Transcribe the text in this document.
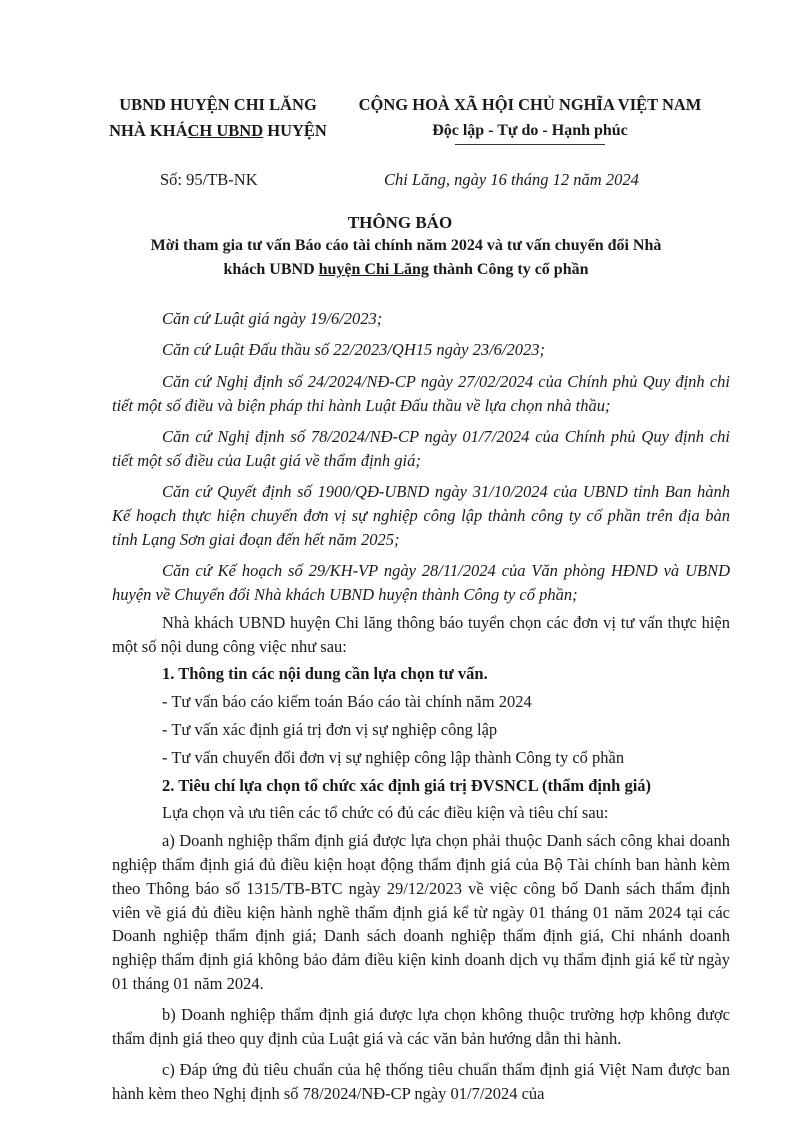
UBND HUYỆN CHI LĂNG
NHÀ KHÁCH UBND HUYỆN
CỘNG HOÀ XÃ HỘI CHỦ NGHĨA VIỆT NAM
Độc lập - Tự do - Hạnh phúc
Số: 95/TB-NK	Chi Lăng, ngày 16 tháng 12 năm 2024
THÔNG BÁO
Mời tham gia tư vấn Báo cáo tài chính năm 2024 và tư vấn chuyển đổi Nhà
khách UBND huyện Chi Lăng thành Công ty cổ phần

Căn cứ Luật giá ngày 19/6/2023;

Căn cứ Luật Đấu thầu số 22/2023/QH15 ngày 23/6/2023;

Căn cứ Nghị định số 24/2024/NĐ-CP ngày 27/02/2024 của Chính phủ Quy định chi tiết một số điều và biện pháp thi hành Luật Đấu thầu về lựa chọn nhà thầu;

Căn cứ Nghị định số 78/2024/NĐ-CP ngày 01/7/2024 của Chính phủ Quy định chi tiết một số điều của Luật giá về thẩm định giá;

Căn cứ Quyết định số 1900/QĐ-UBND ngày 31/10/2024 của UBND tỉnh Ban hành Kế hoạch thực hiện chuyển đơn vị sự nghiệp công lập thành công ty cổ phần trên địa bàn tỉnh Lạng Sơn giai đoạn đến hết năm 2025;

Căn cứ Kế hoạch số 29/KH-VP ngày 28/11/2024 của Văn phòng HĐND và UBND huyện về Chuyển đổi Nhà khách UBND huyện thành Công ty cổ phần;

Nhà khách UBND huyện Chi lăng thông báo tuyển chọn các đơn vị tư vấn thực hiện một số nội dung công việc như sau:

1. Thông tin các nội dung cần lựa chọn tư vấn.

- Tư vấn báo cáo kiểm toán Báo cáo tài chính năm 2024

- Tư vấn xác định giá trị đơn vị sự nghiệp công lập

- Tư vấn chuyển đổi đơn vị sự nghiệp công lập thành Công ty cổ phần

2. Tiêu chí lựa chọn tổ chức xác định giá trị ĐVSNCL (thẩm định giá)

Lựa chọn và ưu tiên các tổ chức có đủ các điều kiện và tiêu chí sau:

a) Doanh nghiệp thẩm định giá được lựa chọn phải thuộc Danh sách công khai doanh nghiệp thẩm định giá đủ điều kiện hoạt động thẩm định giá của Bộ Tài chính ban hành kèm theo Thông báo số 1315/TB-BTC ngày 29/12/2023 về việc công bố Danh sách thẩm định viên về giá đủ điều kiện hành nghề thẩm định giá kể từ ngày 01 tháng 01 năm 2024 tại các Doanh nghiệp thẩm định giá; Danh sách doanh nghiệp thẩm định giá, Chi nhánh doanh nghiệp thẩm định giá không bảo đảm điều kiện kinh doanh dịch vụ thẩm định giá kể từ ngày 01 tháng 01 năm 2024.

b) Doanh nghiệp thẩm định giá được lựa chọn không thuộc trường hợp không được thẩm định giá theo quy định của Luật giá và các văn bản hướng dẫn thi hành.

c) Đáp ứng đủ tiêu chuẩn của hệ thống tiêu chuẩn thẩm định giá Việt Nam được ban hành kèm theo Nghị định số 78/2024/NĐ-CP ngày 01/7/2024 của
